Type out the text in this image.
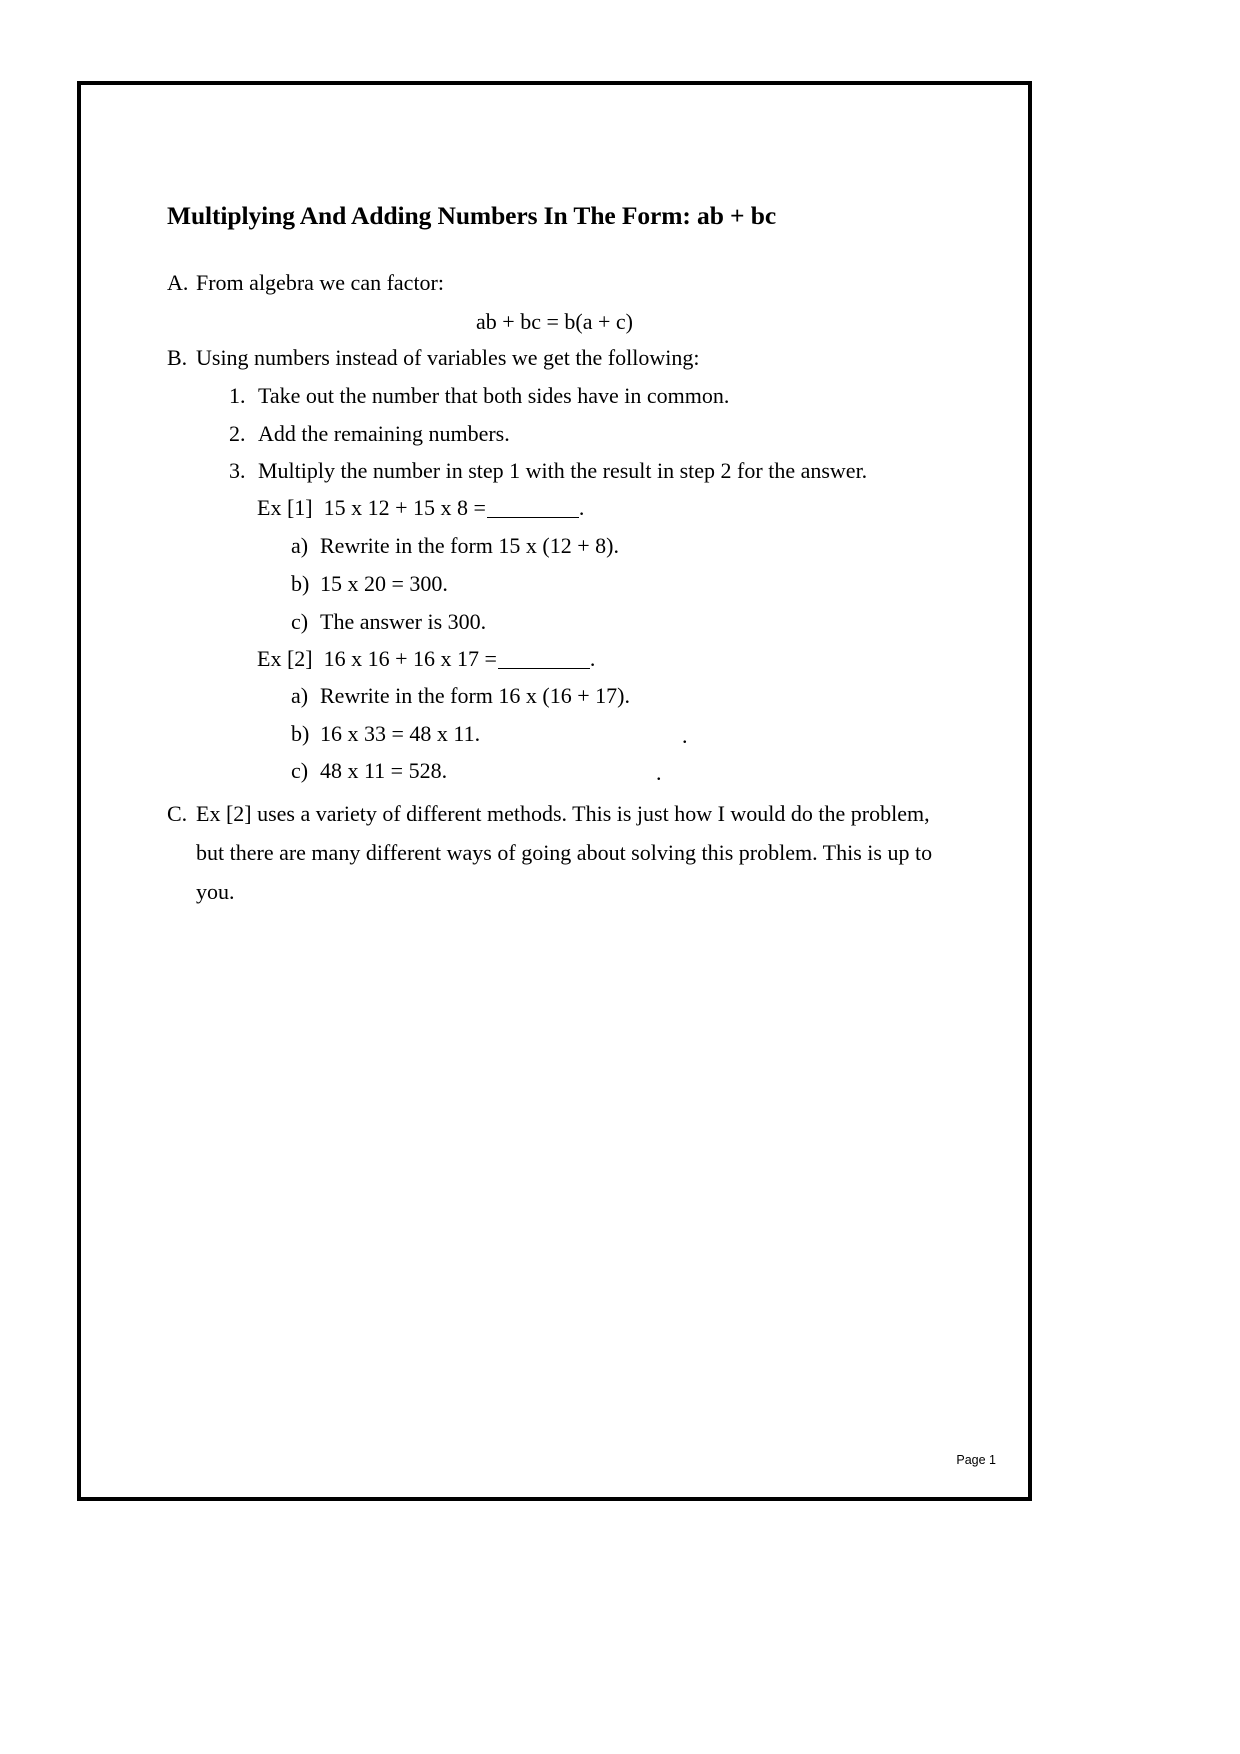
Multiplying And Adding Numbers In The Form: ab + bc
A. From algebra we can factor:
ab + bc = b(a + c)
B. Using numbers instead of variables we get the following:
1. Take out the number that both sides have in common.
2. Add the remaining numbers.
3. Multiply the number in step 1 with the result in step 2 for the answer.
Ex [1] 15 x 12 + 15 x 8 =	.
a) Rewrite in the form 15 x (12 + 8).
b) 15 x 20 = 300.
c) The answer is 300.
Ex [2] 16 x 16 + 16 x 17 =	.
a) Rewrite in the form 16 x (16 + 17).
b) 16 x 33 = 48 x 11.	.
c) 48 x 11 = 528.	.
C. Ex [2] uses a variety of different methods. This is just how I would do the problem,
but there are many different ways of going about solving this problem. This is up to
you.
Page 1
